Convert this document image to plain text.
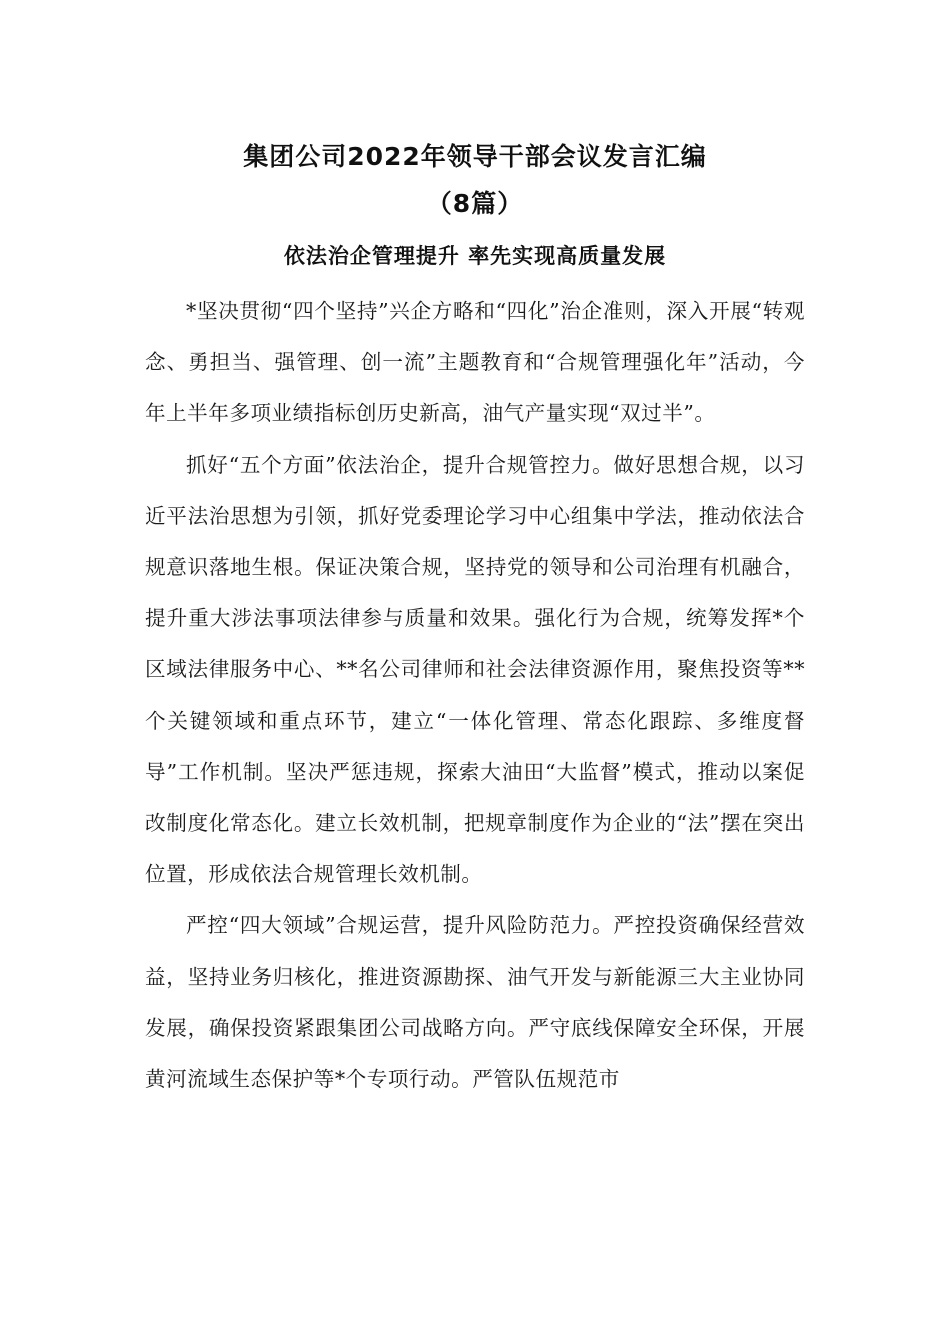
集团公司2022年领导干部会议发言汇编
（8篇）
依法治企管理提升 率先实现高质量发展

*坚决贯彻“四个坚持”兴企方略和“四化”治企准则，深入开展“转观念、勇担当、强管理、创一流”主题教育和“合规管理强化年”活动，今年上半年多项业绩指标创历史新高，油气产量实现“双过半”。

抓好“五个方面”依法治企，提升合规管控力。做好思想合规，以习近平法治思想为引领，抓好党委理论学习中心组集中学法，推动依法合规意识落地生根。保证决策合规，坚持党的领导和公司治理有机融合，提升重大涉法事项法律参与质量和效果。强化行为合规，统筹发挥*个区域法律服务中心、**名公司律师和社会法律资源作用，聚焦投资等**个关键领域和重点环节，建立“一体化管理、常态化跟踪、多维度督导”工作机制。坚决严惩违规，探索大油田“大监督”模式，推动以案促改制度化常态化。建立长效机制，把规章制度作为企业的“法”摆在突出位置，形成依法合规管理长效机制。

严控“四大领域”合规运营，提升风险防范力。严控投资确保经营效益，坚持业务归核化，推进资源勘探、油气开发与新能源三大主业协同发展，确保投资紧跟集团公司战略方向。严守底线保障安全环保，开展黄河流域生态保护等*个专项行动。严管队伍规范市
